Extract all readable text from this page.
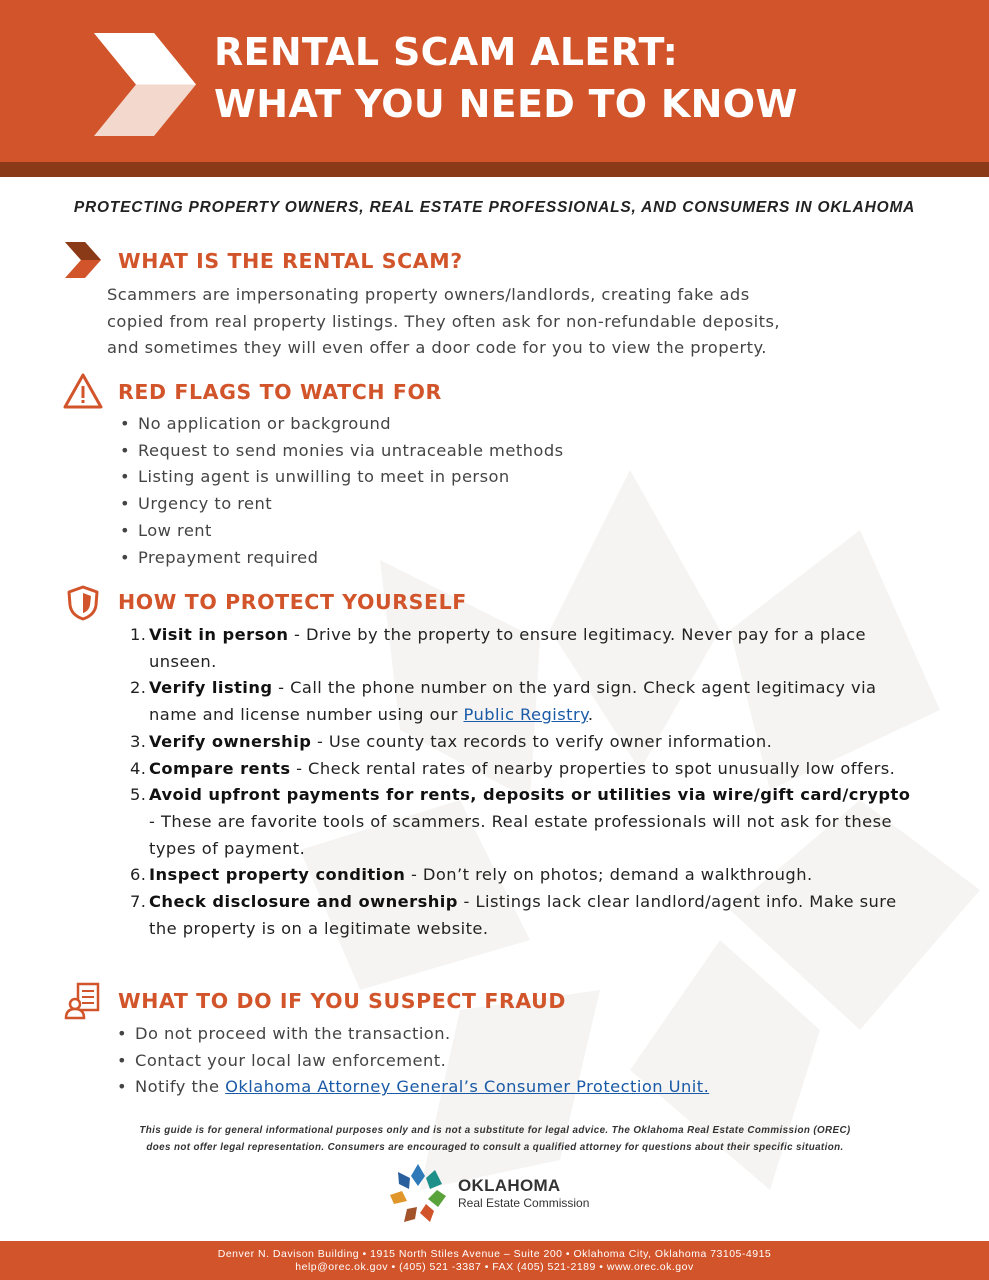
RENTAL SCAM ALERT:
WHAT YOU NEED TO KNOW
PROTECTING PROPERTY OWNERS, REAL ESTATE PROFESSIONALS, AND CONSUMERS IN OKLAHOMA
WHAT IS THE RENTAL SCAM?
Scammers are impersonating property owners/landlords, creating fake ads
copied from real property listings. They often ask for non-refundable deposits,
and sometimes they will even offer a door code for you to view the property.
RED FLAGS TO WATCH FOR
• No application or background
• Request to send monies via untraceable methods
• Listing agent is unwilling to meet in person
• Urgency to rent
• Low rent
• Prepayment required
HOW TO PROTECT YOURSELF
1. Visit in person - Drive by the property to ensure legitimacy. Never pay for a place unseen.
2. Verify listing - Call the phone number on the yard sign. Check agent legitimacy via name and license number using our Public Registry.
3. Verify ownership - Use county tax records to verify owner information.
4. Compare rents - Check rental rates of nearby properties to spot unusually low offers.
5. Avoid upfront payments for rents, deposits or utilities via wire/gift card/crypto - These are favorite tools of scammers. Real estate professionals will not ask for these types of payment.
6. Inspect property condition - Don’t rely on photos; demand a walkthrough.
7. Check disclosure and ownership - Listings lack clear landlord/agent info. Make sure the property is on a legitimate website.
WHAT TO DO IF YOU SUSPECT FRAUD
• Do not proceed with the transaction.
• Contact your local law enforcement.
• Notify the Oklahoma Attorney General’s Consumer Protection Unit.
This guide is for general informational purposes only and is not a substitute for legal advice. The Oklahoma Real Estate Commission (OREC)
does not offer legal representation. Consumers are encouraged to consult a qualified attorney for questions about their specific situation.
OKLAHOMA
Real Estate Commission
Denver N. Davison Building • 1915 North Stiles Avenue – Suite 200 • Oklahoma City, Oklahoma 73105-4915
help@orec.ok.gov • (405) 521 -3387 • FAX (405) 521-2189 • www.orec.ok.gov
